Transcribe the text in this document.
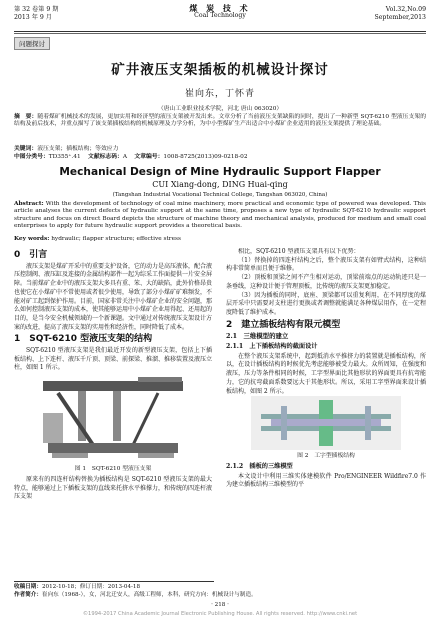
第 32 卷第 9 期
2013 年 9 月
煤 炭 技 术
Coal Technology
Vol.32,No.09
September,2013
问题探讨
矿井液压支架插板的机械设计探讨
崔向东，丁怀青
（唐山工业职业技术学院，河北 唐山 063020）
摘　要：随着煤矿机械技术的发展，更加实用和经济型的液压支架被开发出来。文章分析了当前液压支架缺陷的同时，提出了一种新型 SQT-6210 型液压支架的结构及前后技术，并重点描写了该支架插板结构的机械原理及力学分析，为中小型煤矿生产出适合中小煤矿企业适用的液压支架提供了理论基础。
关键词：液压支架；插板结构；等效应力
中图分类号：TD355⁺.41 文献标志码：A 文章编号：1008-8725(2013)09-0218-02
Mechanical Design of Mine Hydraulic Support Flapper
CUI Xiang-dong, DING Huai-qing
(Tangshan Industrial Vocational Technical College, Tangshan 063020, China)
Abstract: With the development of technology of coal mine machinery, more practical and economic type of powered was developed. This article analyses the current defects of hydraulic support at the same time, proposes a new type of hydraulic SQT-6210 hydraulic support structure and focus on direct Board depicts the structure of machine theory and mechanical analysis, produced for medium and small coal enterprises to apply for future hydraulic support provides a theoretical basis.
Key words: hydraulic; flapper structure; effective stress
0　引言

液压支架是煤矿开采中的重要支护设备，它的动力是高压液体，配合液压控制阀、液压缸及连接的金属结构部件一起为综采工作面提供一片安全屏障。当前煤矿企业中的液压支架大多具有重、笨、大的缺陷，此外价格昂贵也使它在小煤矿中不常使用或者很少使用，导致了部分小煤矿矿难频发，不能对矿工起到保护作用。目前，国家非常关注中小煤矿企业的安全问题，那么如何控制液压支架的成本，使其能够运用中小煤矿企业用得起、还用起的目的，是当今安全机械领域的一个新课题。文中通过对传统液压支架设计方案的改进，提高了液压支架的实用性和经济性，同时降低了成本。

1　SQT-6210 型液压支架的结构

SQT-6210 型液压支架是我们最近开发的新型液压支架，包括上下插板结构、上下连杆、液压千斤顶、顶梁、前探梁、推溜、推移装置及液压立柱，如图 1 所示。

图 1　SQT-6210 型液压支架

原来有的四连杆结构替换为插板结构是 SQT-6210 型液压支架的最大特点，能够通过上下插板支架的直线来托挤水平推撑力，和传统的四连杆液压支架

相比，SQT-6210 型液压支架具有以下优势：

（1）替换掉的四连杆结构之后，整个液压支架有如臂式结构，这种结构非常简单而且便于维修。

（2）顶板和顶梁之间不产生相对运动，顶梁前端点的运动轨迹只是一条垂线，这种设计便于管理顶板，比传统的液压支架更加稳定。

（3）因为插板的同时，底座、顶梁都可以重复利用，在不同厚度的煤层开采中只需要对支柱进行更换或者调整就能满足各种煤层用作，在一定程度降低了维护成本。

2　建立插板结构有限元模型
2.1　三维模型的建立
2.1.1　上下插板结构的截面设计

在整个液压支架系统中，起到抵消水平推挤力的装置就是插板结构，所以，在设计插板结构的时候优先考虑能够被受力最大。众所周知，在强度和液压，压力等条件相同的时候，工字型界面比其他形状的界面更具有抗弯能力，它的抗弯截面系数要远大于其他形状。所以，采用工字型界面来设计插板结构，如图 2 所示。

图 2　工字型插板结构
2.1.2　插板的三维模型

本文设计中利用三维实体建模软件 Pro/ENGINEER Wildfire7.0 作为建立插板结构三维模型的平

收稿日期：2012-10-18；修订日期：2013-04-18
作者简介：崔向东（1968-），女，河北迁安人，高级工程师，本科，研究方向：机械设计与制造。
· 218 ·
©1994-2017 China Academic Journal Electronic Publishing House. All rights reserved. http://www.cnki.net
